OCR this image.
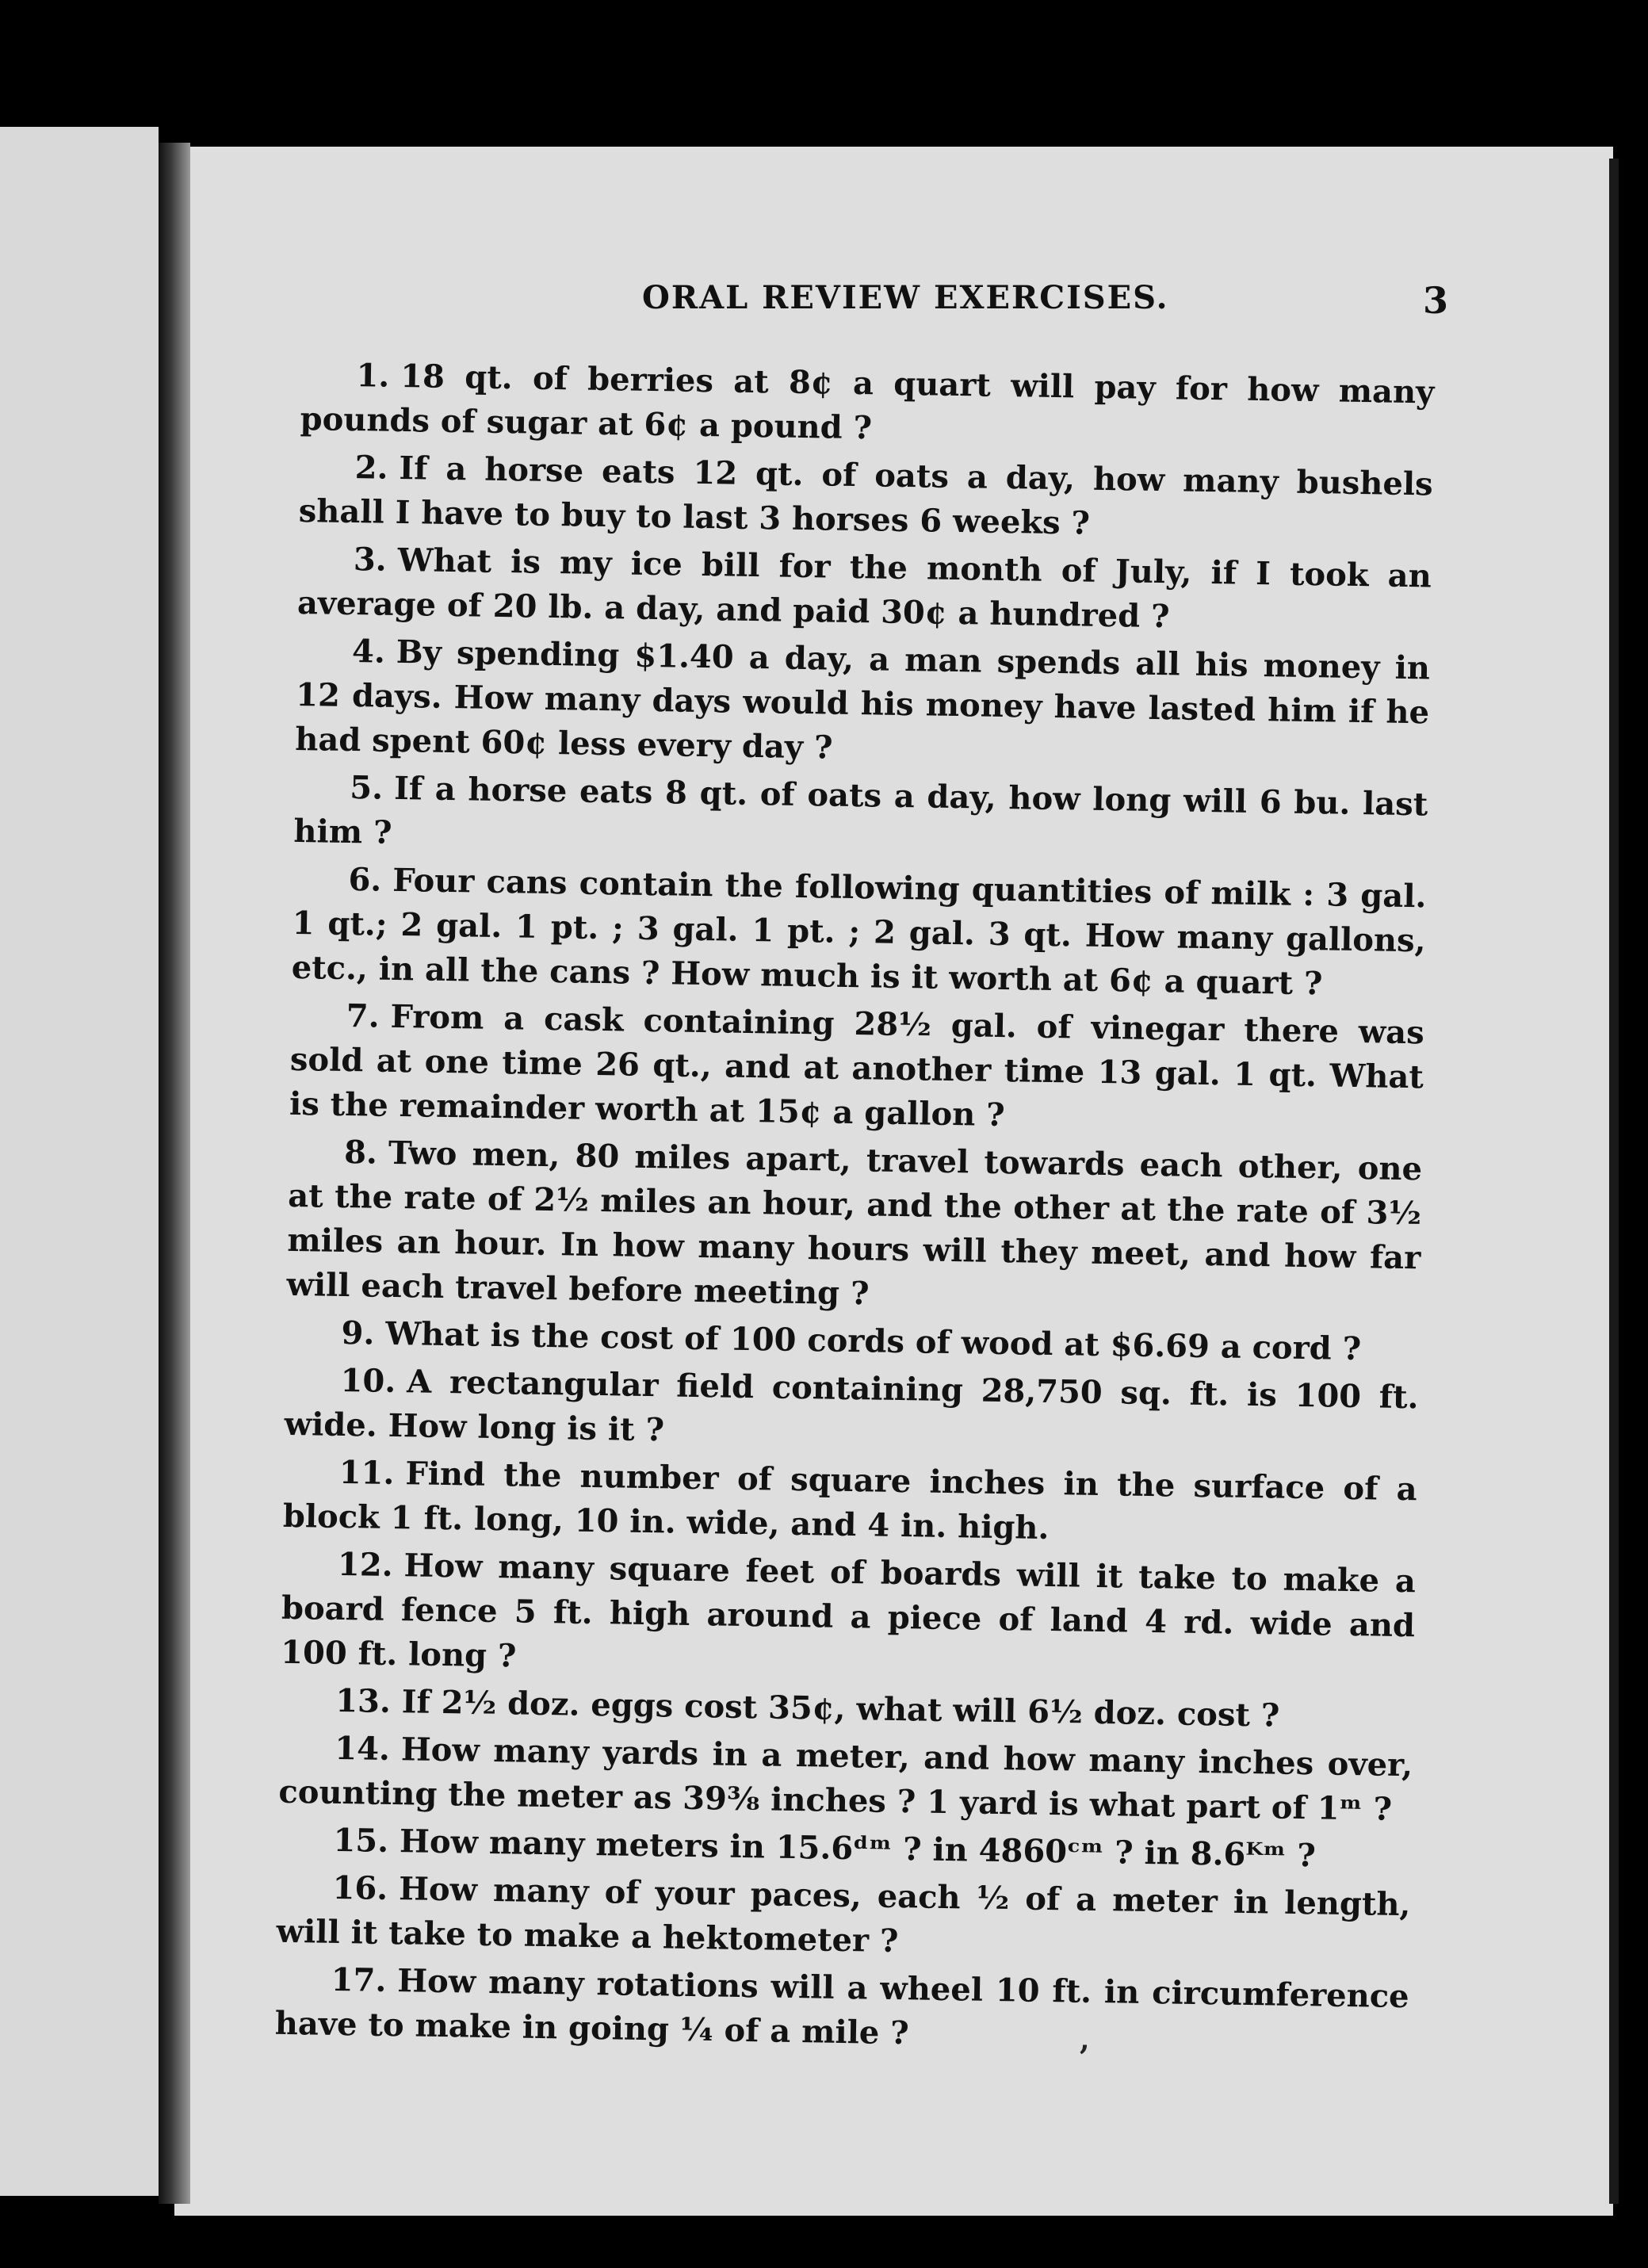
ORAL REVIEW EXERCISES.	3

1. 18 qt. of berries at 8¢ a quart will pay for how many pounds of sugar at 6¢ a pound ?

2. If a horse eats 12 qt. of oats a day, how many bushels shall I have to buy to last 3 horses 6 weeks ?

3. What is my ice bill for the month of July, if I took an average of 20 lb. a day, and paid 30¢ a hundred ?

4. By spending $1.40 a day, a man spends all his money in 12 days. How many days would his money have lasted him if he had spent 60¢ less every day ?

5. If a horse eats 8 qt. of oats a day, how long will 6 bu. last him ?

6. Four cans contain the following quantities of milk : 3 gal. 1 qt.; 2 gal. 1 pt. ; 3 gal. 1 pt. ; 2 gal. 3 qt. How many gallons, etc., in all the cans ? How much is it worth at 6¢ a quart ?

7. From a cask containing 28½ gal. of vinegar there was sold at one time 26 qt., and at another time 13 gal. 1 qt. What is the remainder worth at 15¢ a gallon ?

8. Two men, 80 miles apart, travel towards each other, one at the rate of 2½ miles an hour, and the other at the rate of 3½ miles an hour. In how many hours will they meet, and how far will each travel before meeting ?

9. What is the cost of 100 cords of wood at $6.69 a cord ?

10. A rectangular field containing 28,750 sq. ft. is 100 ft. wide. How long is it ?

11. Find the number of square inches in the surface of a block 1 ft. long, 10 in. wide, and 4 in. high.

12. How many square feet of boards will it take to make a board fence 5 ft. high around a piece of land 4 rd. wide and 100 ft. long ?

13. If 2½ doz. eggs cost 35¢, what will 6½ doz. cost ?

14. How many yards in a meter, and how many inches over, counting the meter as 39⅜ inches ? 1 yard is what part of 1ᵐ ?

15. How many meters in 15.6ᵈᵐ ? in 4860ᶜᵐ ? in 8.6ᴷᵐ ?

16. How many of your paces, each ½ of a meter in length, will it take to make a hektometer ?

17. How many rotations will a wheel 10 ft. in circumference have to make in going ¼ of a mile ?	,
